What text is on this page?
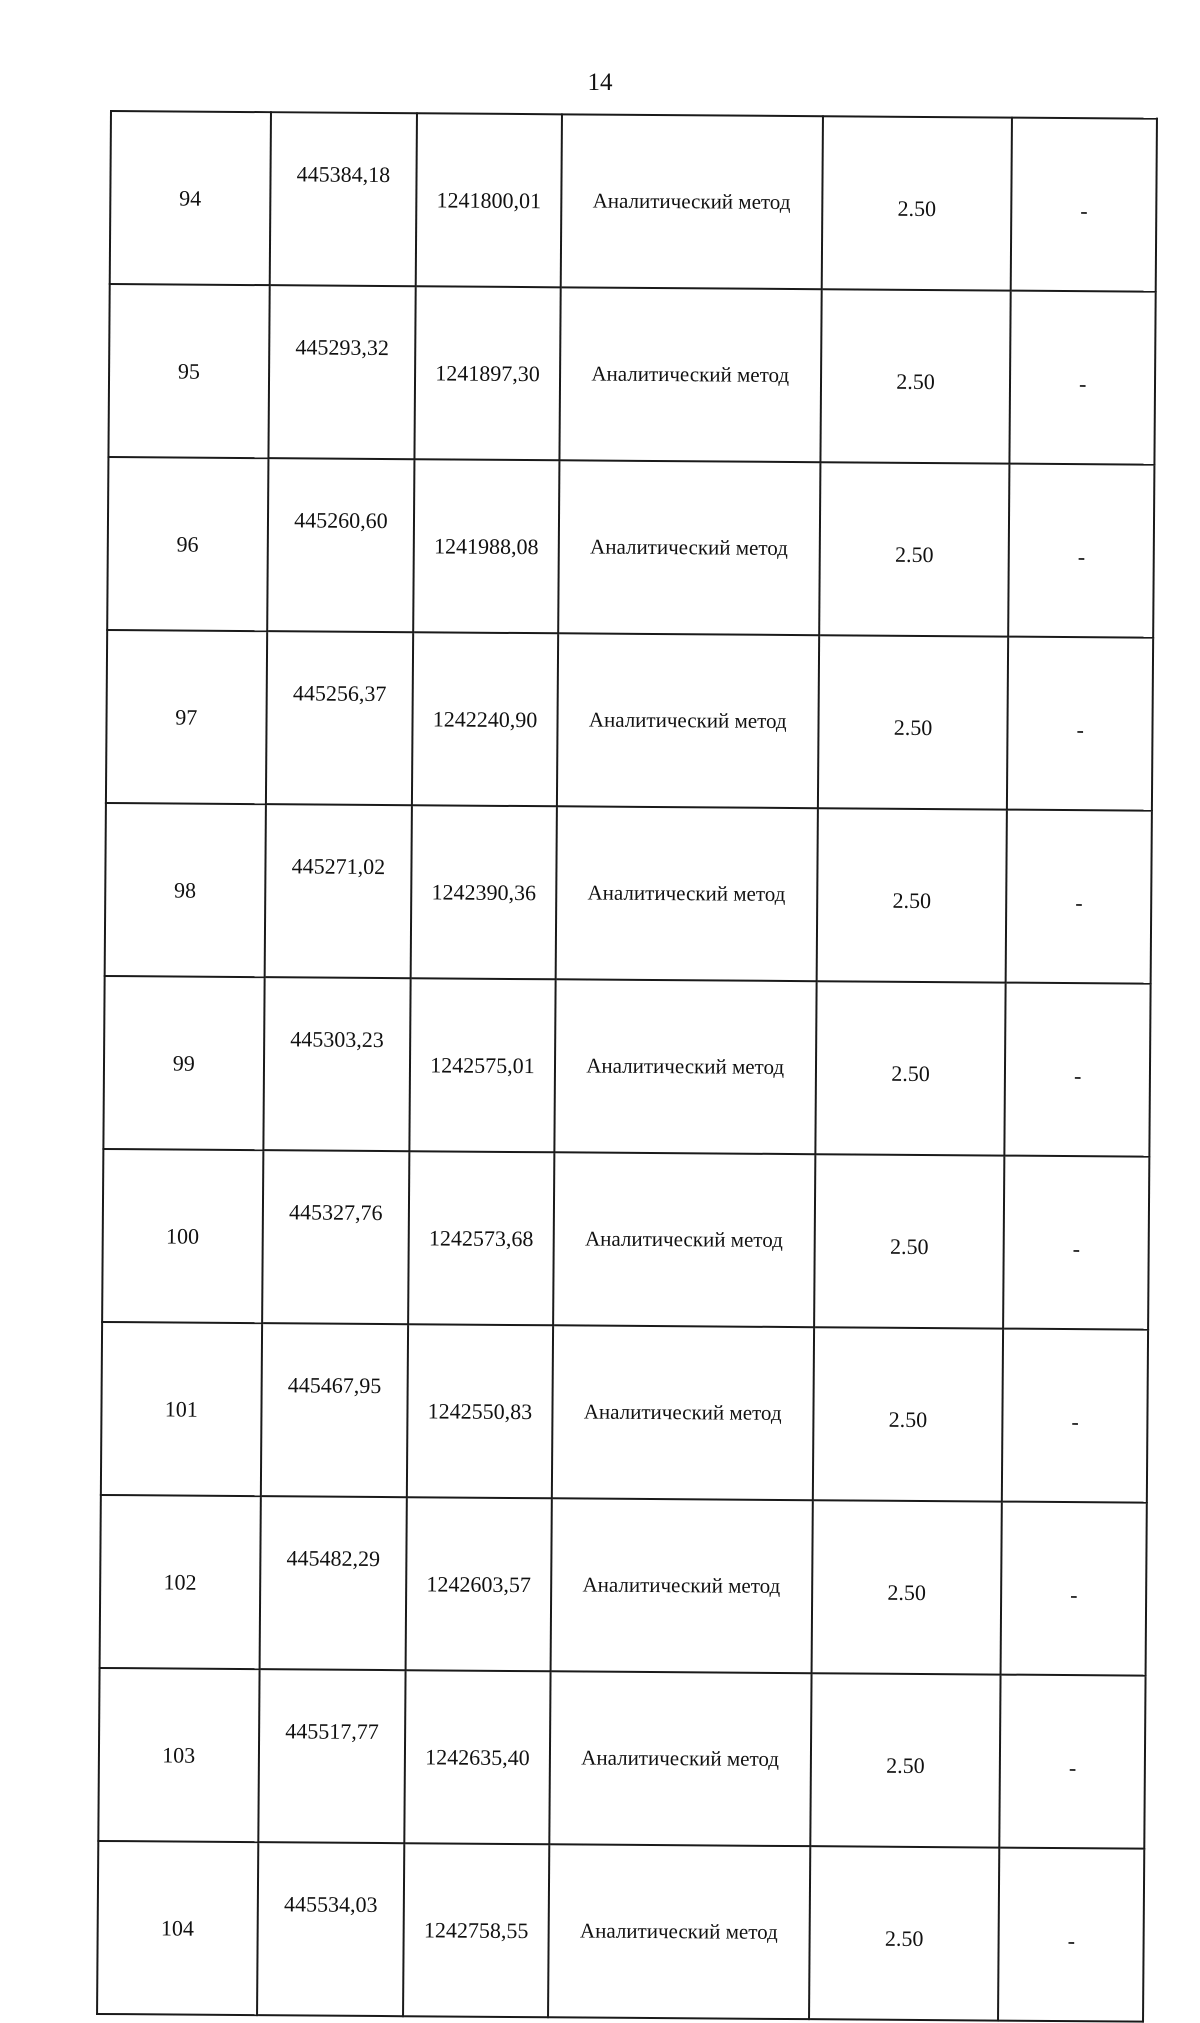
14
94	445384,18	1241800,01	Аналитический метод	2.50	-
95	445293,32	1241897,30	Аналитический метод	2.50	-
96	445260,60	1241988,08	Аналитический метод	2.50	-
97	445256,37	1242240,90	Аналитический метод	2.50	-
98	445271,02	1242390,36	Аналитический метод	2.50	-
99	445303,23	1242575,01	Аналитический метод	2.50	-
100	445327,76	1242573,68	Аналитический метод	2.50	-
101	445467,95	1242550,83	Аналитический метод	2.50	-
102	445482,29	1242603,57	Аналитический метод	2.50	-
103	445517,77	1242635,40	Аналитический метод	2.50	-
104	445534,03	1242758,55	Аналитический метод	2.50	-
